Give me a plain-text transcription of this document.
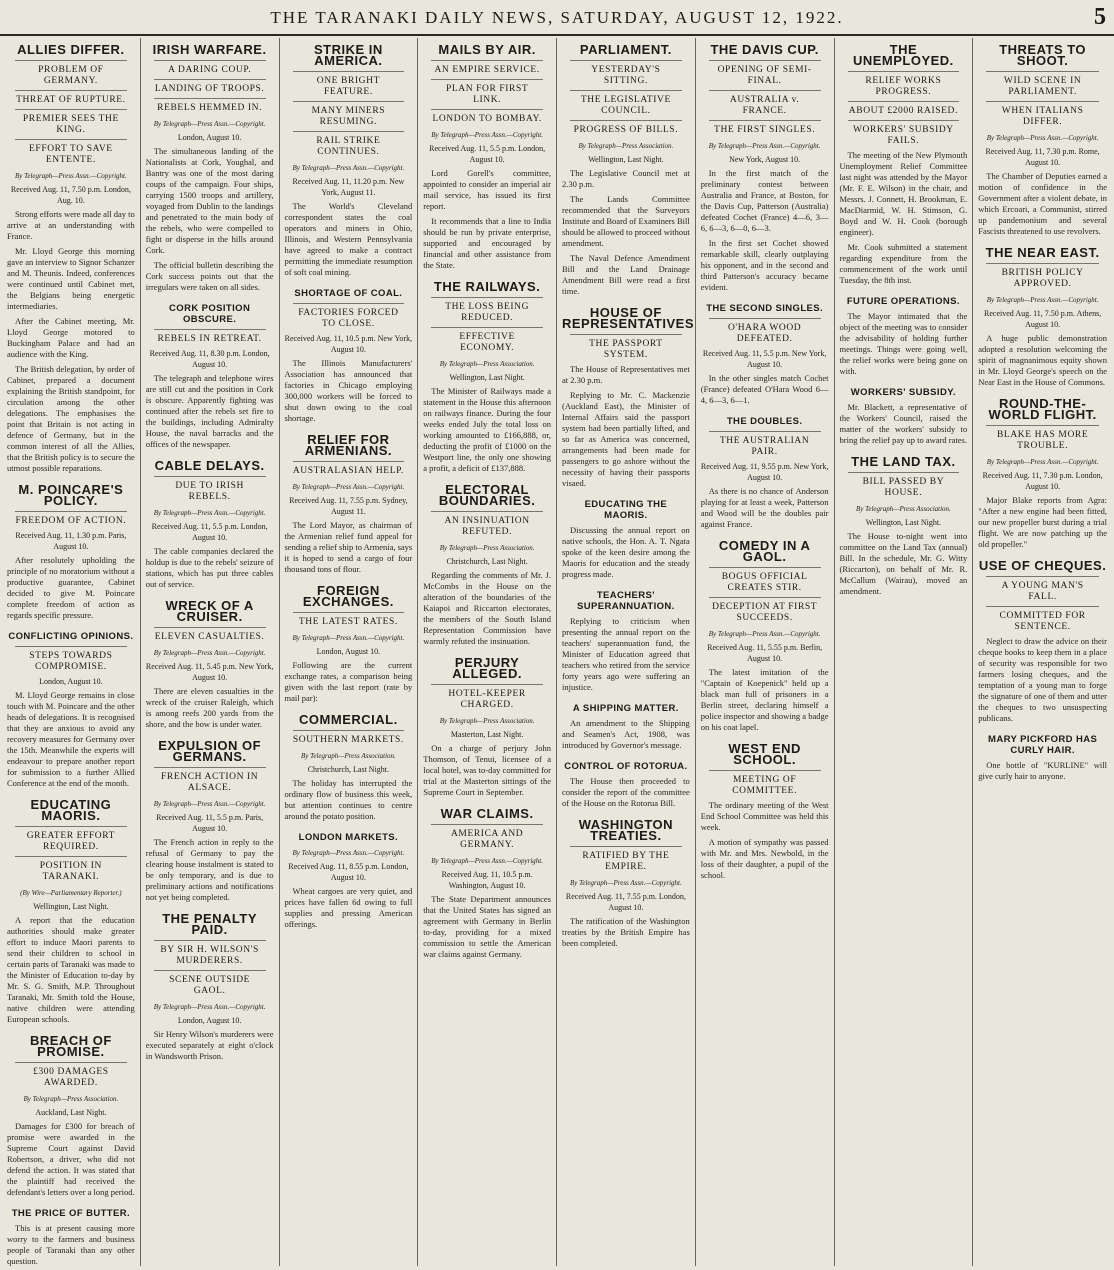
THE TARANAKI DAILY NEWS, SATURDAY, AUGUST 12, 1922.	5
ALLIES DIFFER.
PROBLEM OF GERMANY.
THREAT OF RUPTURE.
PREMIER SEES THE KING.
EFFORT TO SAVE ENTENTE.
By Telegraph—Press Assn.—Copyright.
Received Aug. 11, 7.50 p.m. London, Aug. 10.

Strong efforts were made all day to arrive at an understanding with France.

Mr. Lloyd George this morning gave an interview to Signor Schanzer and M. Theunis. Indeed, conferences were continued until Cabinet met, the Belgians being energetic intermediaries.

After the Cabinet meeting, Mr. Lloyd George motored to Buckingham Palace and had an audience with the King.

The British delegation, by order of Cabinet, prepared a document explaining the British standpoint, for circulation among the other delegations. The emphasises the point that Britain is not acting in defence of Germany, but in the common interest of all the Allies, that the British policy is to secure the utmost possible reparations.

M. POINCARE'S POLICY.
FREEDOM OF ACTION.
Received Aug. 11, 1.30 p.m. Paris, August 10.

After resolutely upholding the principle of no moratorium without a productive guarantee, Cabinet decided to give M. Poincare complete freedom of action as regards specific pressure.

CONFLICTING OPINIONS.
STEPS TOWARDS COMPROMISE.
London, August 10.

M. Lloyd George remains in close touch with M. Poincare and the other heads of delegations. It is recognised that they are anxious to avoid any recovery measures for Germany over the 15th. Meanwhile the experts will endeavour to prepare another report for submission to a further Allied Conference at the end of the month.

EDUCATING MAORIS.
GREATER EFFORT REQUIRED.
POSITION IN TARANAKI.
(By Wire—Parliamentary Reporter.)
Wellington, Last Night.

A report that the education authorities should make greater effort to induce Maori parents to send their children to school in certain parts of Taranaki was made to the Minister of Education to-day by Mr. S. G. Smith, M.P. Throughout Taranaki, Mr. Smith told the House, native children were attending European schools.

BREACH OF PROMISE.
£300 DAMAGES AWARDED.
By Telegraph—Press Association.
Auckland, Last Night.

Damages for £300 for breach of promise were awarded in the Supreme Court against David Robertson, a driver, who did not defend the action. It was stated that the plaintiff had received the defendant's letters over a long period.

THE PRICE OF BUTTER.

This is at present causing more worry to the farmers and business people of Taranaki than any other question.

IRISH WARFARE.
A DARING COUP.
LANDING OF TROOPS.
REBELS HEMMED IN.
By Telegraph—Press Assn.—Copyright.
London, August 10.

The simultaneous landing of the Nationalists at Cork, Youghal, and Bantry was one of the most daring coups of the campaign. Four ships, carrying 1500 troops and artillery, voyaged from Dublin to the landings and penetrated to the main body of the rebels, who were compelled to fight or disperse in the hills around Cork.

The official bulletin describing the Cork success points out that the irregulars were taken on all sides.

CORK POSITION OBSCURE.
REBELS IN RETREAT.
Received Aug. 11, 8.30 p.m. London, August 10.

The telegraph and telephone wires are still cut and the position in Cork is obscure. Apparently fighting was continued after the rebels set fire to the buildings, including Admiralty House, the naval barracks and the offices of the newspaper.

CABLE DELAYS.
DUE TO IRISH REBELS.
By Telegraph—Press Assn.—Copyright.
Received Aug. 11, 5.5 p.m. London, August 10.

The cable companies declared the holdup is due to the rebels' seizure of stations, which has put three cables out of service.

WRECK OF A CRUISER.
ELEVEN CASUALTIES.
By Telegraph—Press Assn.—Copyright.
Received Aug. 11, 5.45 p.m. New York, August 10.

There are eleven casualties in the wreck of the cruiser Raleigh, which is among reefs 200 yards from the shore, and the bow is under water.

EXPULSION OF GERMANS.
FRENCH ACTION IN ALSACE.
By Telegraph—Press Assn.—Copyright.
Received Aug. 11, 5.5 p.m. Paris, August 10.

The French action in reply to the refusal of Germany to pay the clearing house instalment is stated to be only temporary, and is due to preliminary actions and notifications not yet being completed.

THE PENALTY PAID.
BY SIR H. WILSON'S MURDERERS.
SCENE OUTSIDE GAOL.
By Telegraph—Press Assn.—Copyright.
London, August 10.

Sir Henry Wilson's murderers were executed separately at eight o'clock in Wandsworth Prison.

STRIKE IN AMERICA.
ONE BRIGHT FEATURE.
MANY MINERS RESUMING.
RAIL STRIKE CONTINUES.
By Telegraph—Press Assn.—Copyright.
Received Aug. 11, 11.20 p.m. New York, August 11.

The World's Cleveland correspondent states the coal operators and miners in Ohio, Illinois, and Western Pennsylvania have agreed to make a contract permitting the immediate resumption of soft coal mining.

SHORTAGE OF COAL.
FACTORIES FORCED TO CLOSE.
Received Aug. 11, 10.5 p.m. New York, August 10.

The Illinois Manufacturers' Association has announced that factories in Chicago employing 300,000 workers will be forced to shut down owing to the coal shortage.

RELIEF FOR ARMENIANS.
AUSTRALASIAN HELP.
By Telegraph—Press Assn.—Copyright.
Received Aug. 11, 7.55 p.m. Sydney, August 11.

The Lord Mayor, as chairman of the Armenian relief fund appeal for sending a relief ship to Armenia, says it is hoped to send a cargo of four thousand tons of flour.

FOREIGN EXCHANGES.
THE LATEST RATES.
By Telegraph—Press Assn.—Copyright.
London, August 10.

Following are the current exchange rates, a comparison being given with the last report (rate by mail par):

COMMERCIAL.
SOUTHERN MARKETS.
By Telegraph—Press Association.
Christchurch, Last Night.

The holiday has interrupted the ordinary flow of business this week, but attention continues to centre around the potato position.

LONDON MARKETS.
By Telegraph—Press Assn.—Copyright.
Received Aug. 11, 8.55 p.m. London, August 10.

Wheat cargoes are very quiet, and prices have fallen 6d owing to full supplies and pressing American offerings.

MAILS BY AIR.
AN EMPIRE SERVICE.
PLAN FOR FIRST LINK.
LONDON TO BOMBAY.
By Telegraph—Press Assn.—Copyright.
Received Aug. 11, 5.5 p.m. London, August 10.

Lord Gorell's committee, appointed to consider an imperial air mail service, has issued its first report.

It recommends that a line to India should be run by private enterprise, supported and encouraged by financial and other assistance from the State.

THE RAILWAYS.
THE LOSS BEING REDUCED.
EFFECTIVE ECONOMY.
By Telegraph—Press Association.
Wellington, Last Night.

The Minister of Railways made a statement in the House this afternoon on railways finance. During the four weeks ended July the total loss on working amounted to £166,888, or, deducting the profit of £1000 on the Westport line, the only one showing a profit, a deficit of £137,888.

ELECTORAL BOUNDARIES.
AN INSINUATION REFUTED.
By Telegraph—Press Association.
Christchurch, Last Night.

Regarding the comments of Mr. J. McCombs in the House on the alteration of the boundaries of the Kaiapoi and Riccarton electorates, the members of the South Island Representation Commission have warmly refuted the insinuation.

PERJURY ALLEGED.
HOTEL-KEEPER CHARGED.
By Telegraph—Press Association.
Masterton, Last Night.

On a charge of perjury John Thomson, of Tenui, licensee of a local hotel, was to-day committed for trial at the Masterton sittings of the Supreme Court in September.

WAR CLAIMS.
AMERICA AND GERMANY.
By Telegraph—Press Assn.—Copyright.
Received Aug. 11, 10.5 p.m. Washington, August 10.

The State Department announces that the United States has signed an agreement with Germany in Berlin to-day, providing for a mixed commission to settle the American war claims against Germany.

PARLIAMENT.
YESTERDAY'S SITTING.
THE LEGISLATIVE COUNCIL.
PROGRESS OF BILLS.
By Telegraph—Press Association.
Wellington, Last Night.

The Legislative Council met at 2.30 p.m.

The Lands Committee recommended that the Surveyors Institute and Board of Examiners Bill should be allowed to proceed without amendment.

The Naval Defence Amendment Bill and the Land Drainage Amendment Bill were read a first time.

HOUSE OF REPRESENTATIVES
THE PASSPORT SYSTEM.

The House of Representatives met at 2.30 p.m.

Replying to Mr. C. Mackenzie (Auckland East), the Minister of Internal Affairs said the passport system had been partially lifted, and so far as America was concerned, arrangements had been made for passengers to go ashore without the necessity of having their passports visaed.

EDUCATING THE MAORIS.

Discussing the annual report on native schools, the Hon. A. T. Ngata spoke of the keen desire among the Maoris for education and the steady progress made.

TEACHERS' SUPERANNUATION.

Replying to criticism when presenting the annual report on the teachers' superannuation fund, the Minister of Education agreed that teachers who retired from the service forty years ago were suffering an injustice.

A SHIPPING MATTER.

An amendment to the Shipping and Seamen's Act, 1908, was introduced by Governor's message.

CONTROL OF ROTORUA.

The House then proceeded to consider the report of the committee of the House on the Rotorua Bill.

WASHINGTON TREATIES.
RATIFIED BY THE EMPIRE.
By Telegraph—Press Assn.—Copyright.
Received Aug. 11, 7.55 p.m. London, August 10.

The ratification of the Washington treaties by the British Empire has been completed.

THE DAVIS CUP.
OPENING OF SEMI-FINAL.
AUSTRALIA v. FRANCE.
THE FIRST SINGLES.
By Telegraph—Press Assn.—Copyright.
New York, August 10.

In the first match of the preliminary contest between Australia and France, at Boston, for the Davis Cup, Patterson (Australia) defeated Cochet (France) 4—6, 3—6, 6—3, 6—0, 6—3.

In the first set Cochet showed remarkable skill, clearly outplaying his opponent, and in the second and third Patterson's accuracy became evident.

THE SECOND SINGLES.
O'HARA WOOD DEFEATED.
Received Aug. 11, 5.5 p.m. New York, August 10.

In the other singles match Cochet (France) defeated O'Hara Wood 6—4, 6—3, 6—1.

THE DOUBLES.
THE AUSTRALIAN PAIR.
Received Aug. 11, 9.55 p.m. New York, August 10.

As there is no chance of Anderson playing for at least a week, Patterson and Wood will be the doubles pair against France.

COMEDY IN A GAOL.
BOGUS OFFICIAL CREATES STIR.
DECEPTION AT FIRST SUCCEEDS.
By Telegraph—Press Assn.—Copyright.
Received Aug. 11, 5.55 p.m. Berlin, August 10.

The latest imitation of the "Captain of Koepenick" held up a black man full of prisoners in a Berlin street, declaring himself a police inspector and showing a badge on his coat lapel.

WEST END SCHOOL.
MEETING OF COMMITTEE.

The ordinary meeting of the West End School Committee was held this week.

A motion of sympathy was passed with Mr. and Mrs. Newbold, in the loss of their daughter, a pupil of the school.

THE UNEMPLOYED.
RELIEF WORKS PROGRESS.
ABOUT £2000 RAISED.
WORKERS' SUBSIDY FAILS.

The meeting of the New Plymouth Unemployment Relief Committee last night was attended by the Mayor (Mr. F. E. Wilson) in the chair, and Messrs. J. Connett, H. Brookman, E. MacDiarmid, W. H. Stimson, G. Boyd and W. H. Cook (borough engineer).

Mr. Cook submitted a statement regarding expenditure from the commencement of the work until Tuesday, the 8th inst.

FUTURE OPERATIONS.

The Mayor intimated that the object of the meeting was to consider the advisability of holding further meetings. Things were going well, the relief works were being gone on with.

WORKERS' SUBSIDY.

Mr. Blackett, a representative of the Workers' Council, raised the matter of the workers' subsidy to bring the relief pay up to award rates.

THE LAND TAX.
BILL PASSED BY HOUSE.
By Telegraph—Press Association.
Wellington, Last Night.

The House to-night went into committee on the Land Tax (annual) Bill. In the schedule, Mr. G. Witty (Riccarton), on behalf of Mr. R. McCallum (Wairau), moved an amendment.

THREATS TO SHOOT.
WILD SCENE IN PARLIAMENT.
WHEN ITALIANS DIFFER.
By Telegraph—Press Assn.—Copyright.
Received Aug. 11, 7.30 p.m. Rome, August 10.

The Chamber of Deputies earned a motion of confidence in the Government after a violent debate, in which Ercoari, a Communist, stirred up pandemonium and several Fascists threatened to use revolvers.

THE NEAR EAST.
BRITISH POLICY APPROVED.
By Telegraph—Press Assn.—Copyright.
Received Aug. 11, 7.50 p.m. Athens, August 10.

A huge public demonstration adopted a resolution welcoming the spirit of magnanimous equity shown in Mr. Lloyd George's speech on the Near East in the House of Commons.

ROUND-THE-WORLD FLIGHT.
BLAKE HAS MORE TROUBLE.
By Telegraph—Press Assn.—Copyright.
Received Aug. 11, 7.30 p.m. London, August 10.

Major Blake reports from Agra: "After a new engine had been fitted, our new propeller burst during a trial flight. We are now patching up the old propeller."

USE OF CHEQUES.
A YOUNG MAN'S FALL.
COMMITTED FOR SENTENCE.

Neglect to draw the advice on their cheque books to keep them in a place of security was responsible for two farmers losing cheques, and the temptation of a young man to forge the signature of one of them and utter the cheques to two unsuspecting publicans.

MARY PICKFORD HAS CURLY HAIR.

One bottle of "KURLINE" will give curly hair to anyone.
